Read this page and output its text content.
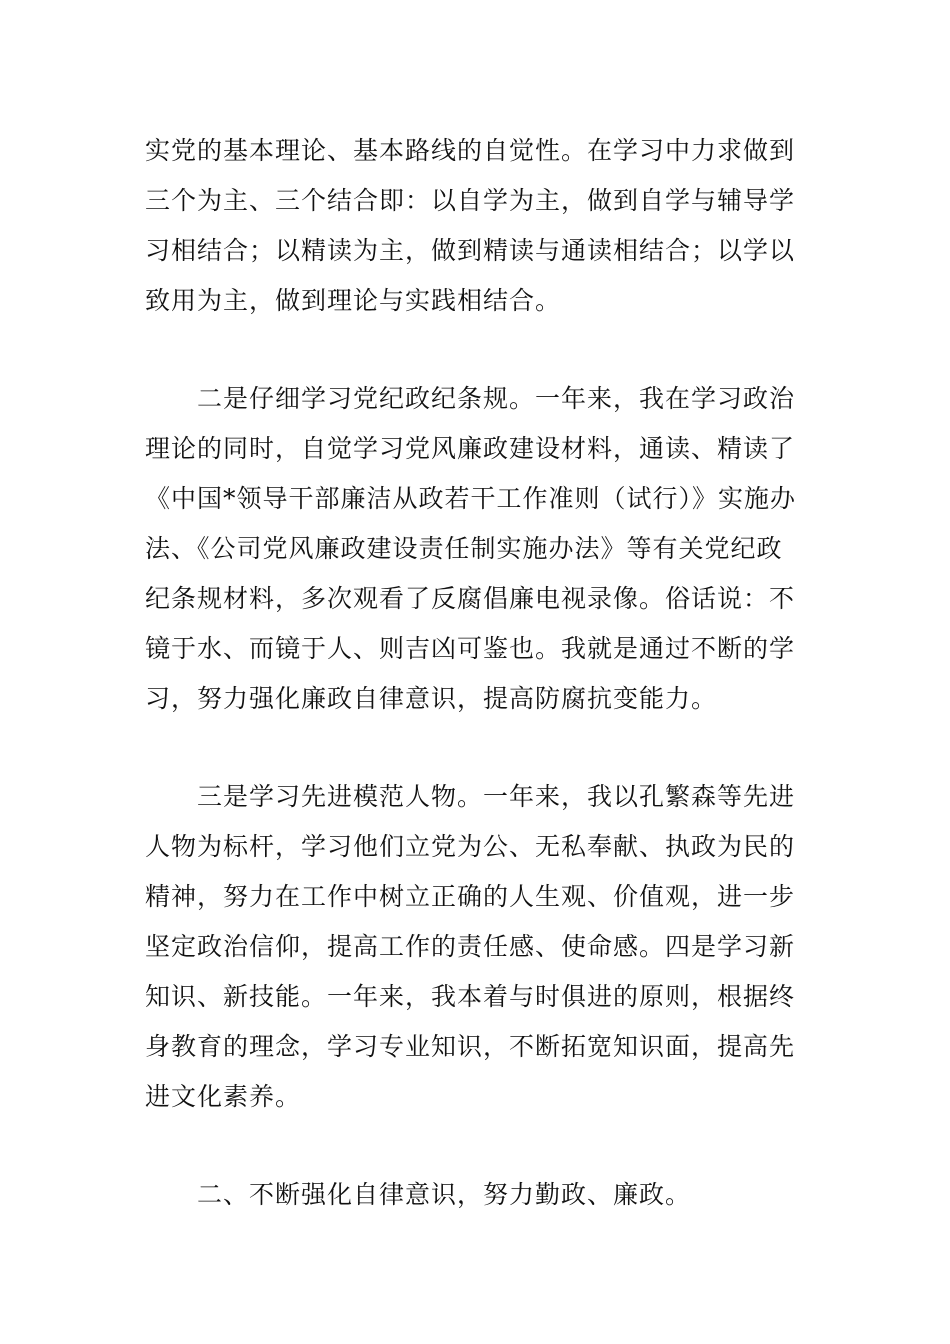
实党的基本理论、基本路线的自觉性。在学习中力求做到
三个为主、三个结合即：以自学为主，做到自学与辅导学
习相结合；以精读为主，做到精读与通读相结合；以学以
致用为主，做到理论与实践相结合。
二是仔细学习党纪政纪条规。一年来，我在学习政治
理论的同时，自觉学习党风廉政建设材料，通读、精读了
《中国*领导干部廉洁从政若干工作准则（试行）》实施办
法、《公司党风廉政建设责任制实施办法》等有关党纪政
纪条规材料，多次观看了反腐倡廉电视录像。俗话说：不
镜于水、而镜于人、则吉凶可鉴也。我就是通过不断的学
习，努力强化廉政自律意识，提高防腐抗变能力。
三是学习先进模范人物。一年来，我以孔繁森等先进
人物为标杆，学习他们立党为公、无私奉献、执政为民的
精神，努力在工作中树立正确的人生观、价值观，进一步
坚定政治信仰，提高工作的责任感、使命感。四是学习新
知识、新技能。一年来，我本着与时俱进的原则，根据终
身教育的理念，学习专业知识，不断拓宽知识面，提高先
进文化素养。
二、不断强化自律意识，努力勤政、廉政。
